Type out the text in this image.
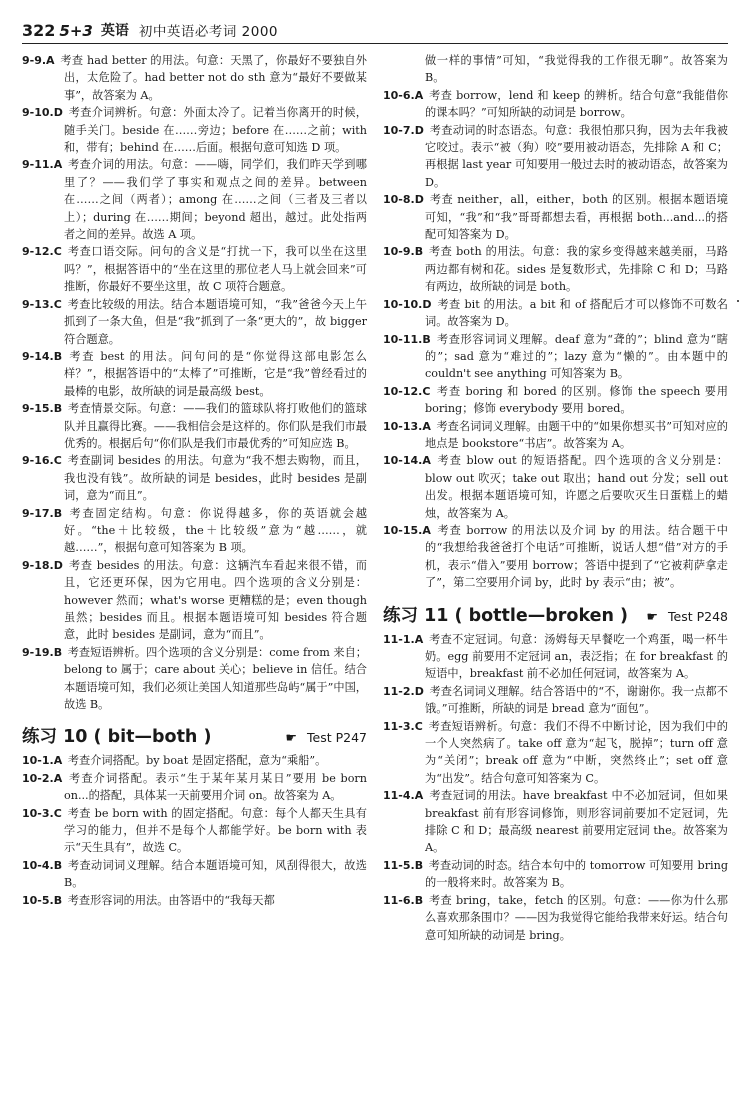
322 5+3 英语 初中英语必考词 2000
9-9.A  考查 had better 的用法。句意：天黑了，你最好不要独自外出，太危险了。had better not do sth 意为“最好不要做某事”，故答案为 A。
9-10.D  考查介词辨析。句意：外面太冷了。记着当你离开的时候，随手关门。beside 在……旁边；before 在……之前；with 和，带有；behind 在……后面。根据句意可知选 D 项。
9-11.A  考查介词的用法。句意：——嗨，同学们，我们昨天学到哪里了？——我们学了事实和观点之间的差异。between 在……之间（两者）；among 在……之间（三者及三者以上）；during 在……期间；beyond 超出，越过。此处指两者之间的差异。故选 A 项。
9-12.C  考查口语交际。问句的含义是“打扰一下，我可以坐在这里吗？”，根据答语中的“坐在这里的那位老人马上就会回来”可推断，你最好不要坐这里，故 C 项符合题意。
9-13.C  考查比较级的用法。结合本题语境可知，“我”爸爸今天上午抓到了一条大鱼，但是“我”抓到了一条“更大的”，故 bigger 符合题意。
9-14.B  考查 best 的用法。问句问的是“你觉得这部电影怎么样？”，根据答语中的“太棒了”可推断，它是“我”曾经看过的最棒的电影，故所缺的词是最高级 best。
9-15.B  考查情景交际。句意：——我们的篮球队将打败他们的篮球队并且赢得比赛。——我相信会是这样的。你们队是我们市最优秀的。根据后句“你们队是我们市最优秀的”可知应选 B。
9-16.C  考查副词 besides 的用法。句意为“我不想去购物，而且，我也没有钱”。故所缺的词是 besides，此时 besides 是副词，意为“而且”。
9-17.B  考查固定结构。句意：你说得越多，你的英语就会越好。“the＋比较级，the＋比较级”意为“越……，就越……”，根据句意可知答案为 B 项。
9-18.D  考查 besides 的用法。句意：这辆汽车看起来很不错，而且，它还更环保，因为它用电。四个选项的含义分别是：however 然而；what's worse 更糟糕的是；even though 虽然；besides 而且。根据本题语境可知 besides 符合题意，此时 besides 是副词，意为“而且”。
9-19.B  考查短语辨析。四个选项的含义分别是：come from 来自；belong to 属于；care about 关心；believe in 信任。结合本题语境可知，我们必须让美国人知道那些岛屿“属于”中国，故选 B。
练习 10 ( bit—both )	☛ Test P247
10-1.A  考查介词搭配。by boat 是固定搭配，意为“乘船”。
10-2.A  考查介词搭配。表示“生于某年某月某日”要用 be born on...的搭配，具体某一天前要用介词 on。故答案为 A。
10-3.C  考查 be born with 的固定搭配。句意：每个人都天生具有学习的能力，但并不是每个人都能学好。be born with 表示“天生具有”，故选 C。
10-4.B  考查动词词义理解。结合本题语境可知，风刮得很大，故选 B。
10-5.B  考查形容词的用法。由答语中的“我每天都
做一样的事情”可知，“我觉得我的工作很无聊”。故答案为 B。
10-6.A  考查 borrow，lend 和 keep 的辨析。结合句意“我能借你的课本吗？”可知所缺的动词是 borrow。
10-7.D  考查动词的时态语态。句意：我很怕那只狗，因为去年我被它咬过。表示“被（狗）咬”要用被动语态，先排除 A 和 C；再根据 last year 可知要用一般过去时的被动语态，故答案为 D。
10-8.D  考查 neither，all，either，both 的区别。根据本题语境可知，“我”和“我”哥哥都想去看，再根据 both...and...的搭配可知答案为 D。
10-9.B  考查 both 的用法。句意：我的家乡变得越来越美丽，马路两边都有树和花。sides 是复数形式，先排除 C 和 D；马路有两边，故所缺的词是 both。
10-10.D  考查 bit 的用法。a bit 和 of 搭配后才可以修饰不可数名词。故答案为 D。
10-11.B  考查形容词词义理解。deaf 意为“聋的”；blind 意为“瞎的”；sad 意为“难过的”；lazy 意为“懒的”。由本题中的 couldn't see anything 可知答案为 B。
10-12.C  考查 boring 和 bored 的区别。修饰 the speech 要用 boring；修饰 everybody 要用 bored。
10-13.A  考查名词词义理解。由题干中的“如果你想买书”可知对应的地点是 bookstore“书店”。故答案为 A。
10-14.A  考查 blow out 的短语搭配。四个选项的含义分别是：blow out 吹灭；take out 取出；hand out 分发；sell out 出发。根据本题语境可知，许愿之后要吹灭生日蛋糕上的蜡烛，故答案为 A。
10-15.A  考查 borrow 的用法以及介词 by 的用法。结合题干中的“我想给我爸爸打个电话”可推断，说话人想“借”对方的手机，表示“借入”要用 borrow；答语中提到了“它被莉萨拿走了”，第二空要用介词 by，此时 by 表示“由；被”。
练习 11 ( bottle—broken ) ☛ Test P248
11-1.A  考查不定冠词。句意：汤姆每天早餐吃一个鸡蛋，喝一杯牛奶。egg 前要用不定冠词 an，表泛指；在 for breakfast 的短语中，breakfast 前不必加任何冠词，故答案为 A。
11-2.D  考查名词词义理解。结合答语中的“不，谢谢你。我一点都不饿。”可推断，所缺的词是 bread 意为“面包”。
11-3.C  考查短语辨析。句意：我们不得不中断讨论，因为我们中的一个人突然病了。take off 意为“起飞，脱掉”；turn off 意为“关闭”；break off 意为“中断，突然终止”；set off 意为“出发”。结合句意可知答案为 C。
11-4.A  考查冠词的用法。have breakfast 中不必加冠词，但如果 breakfast 前有形容词修饰，则形容词前要加不定冠词，先排除 C 和 D；最高级 nearest 前要用定冠词 the。故答案为 A。
11-5.B  考查动词的时态。结合本句中的 tomorrow 可知要用 bring 的一般将来时。故答案为 B。
11-6.B  考查 bring，take，fetch 的区别。句意：——你为什么那么喜欢那条围巾？——因为我觉得它能给我带来好运。结合句意可知所缺的动词是 bring。
